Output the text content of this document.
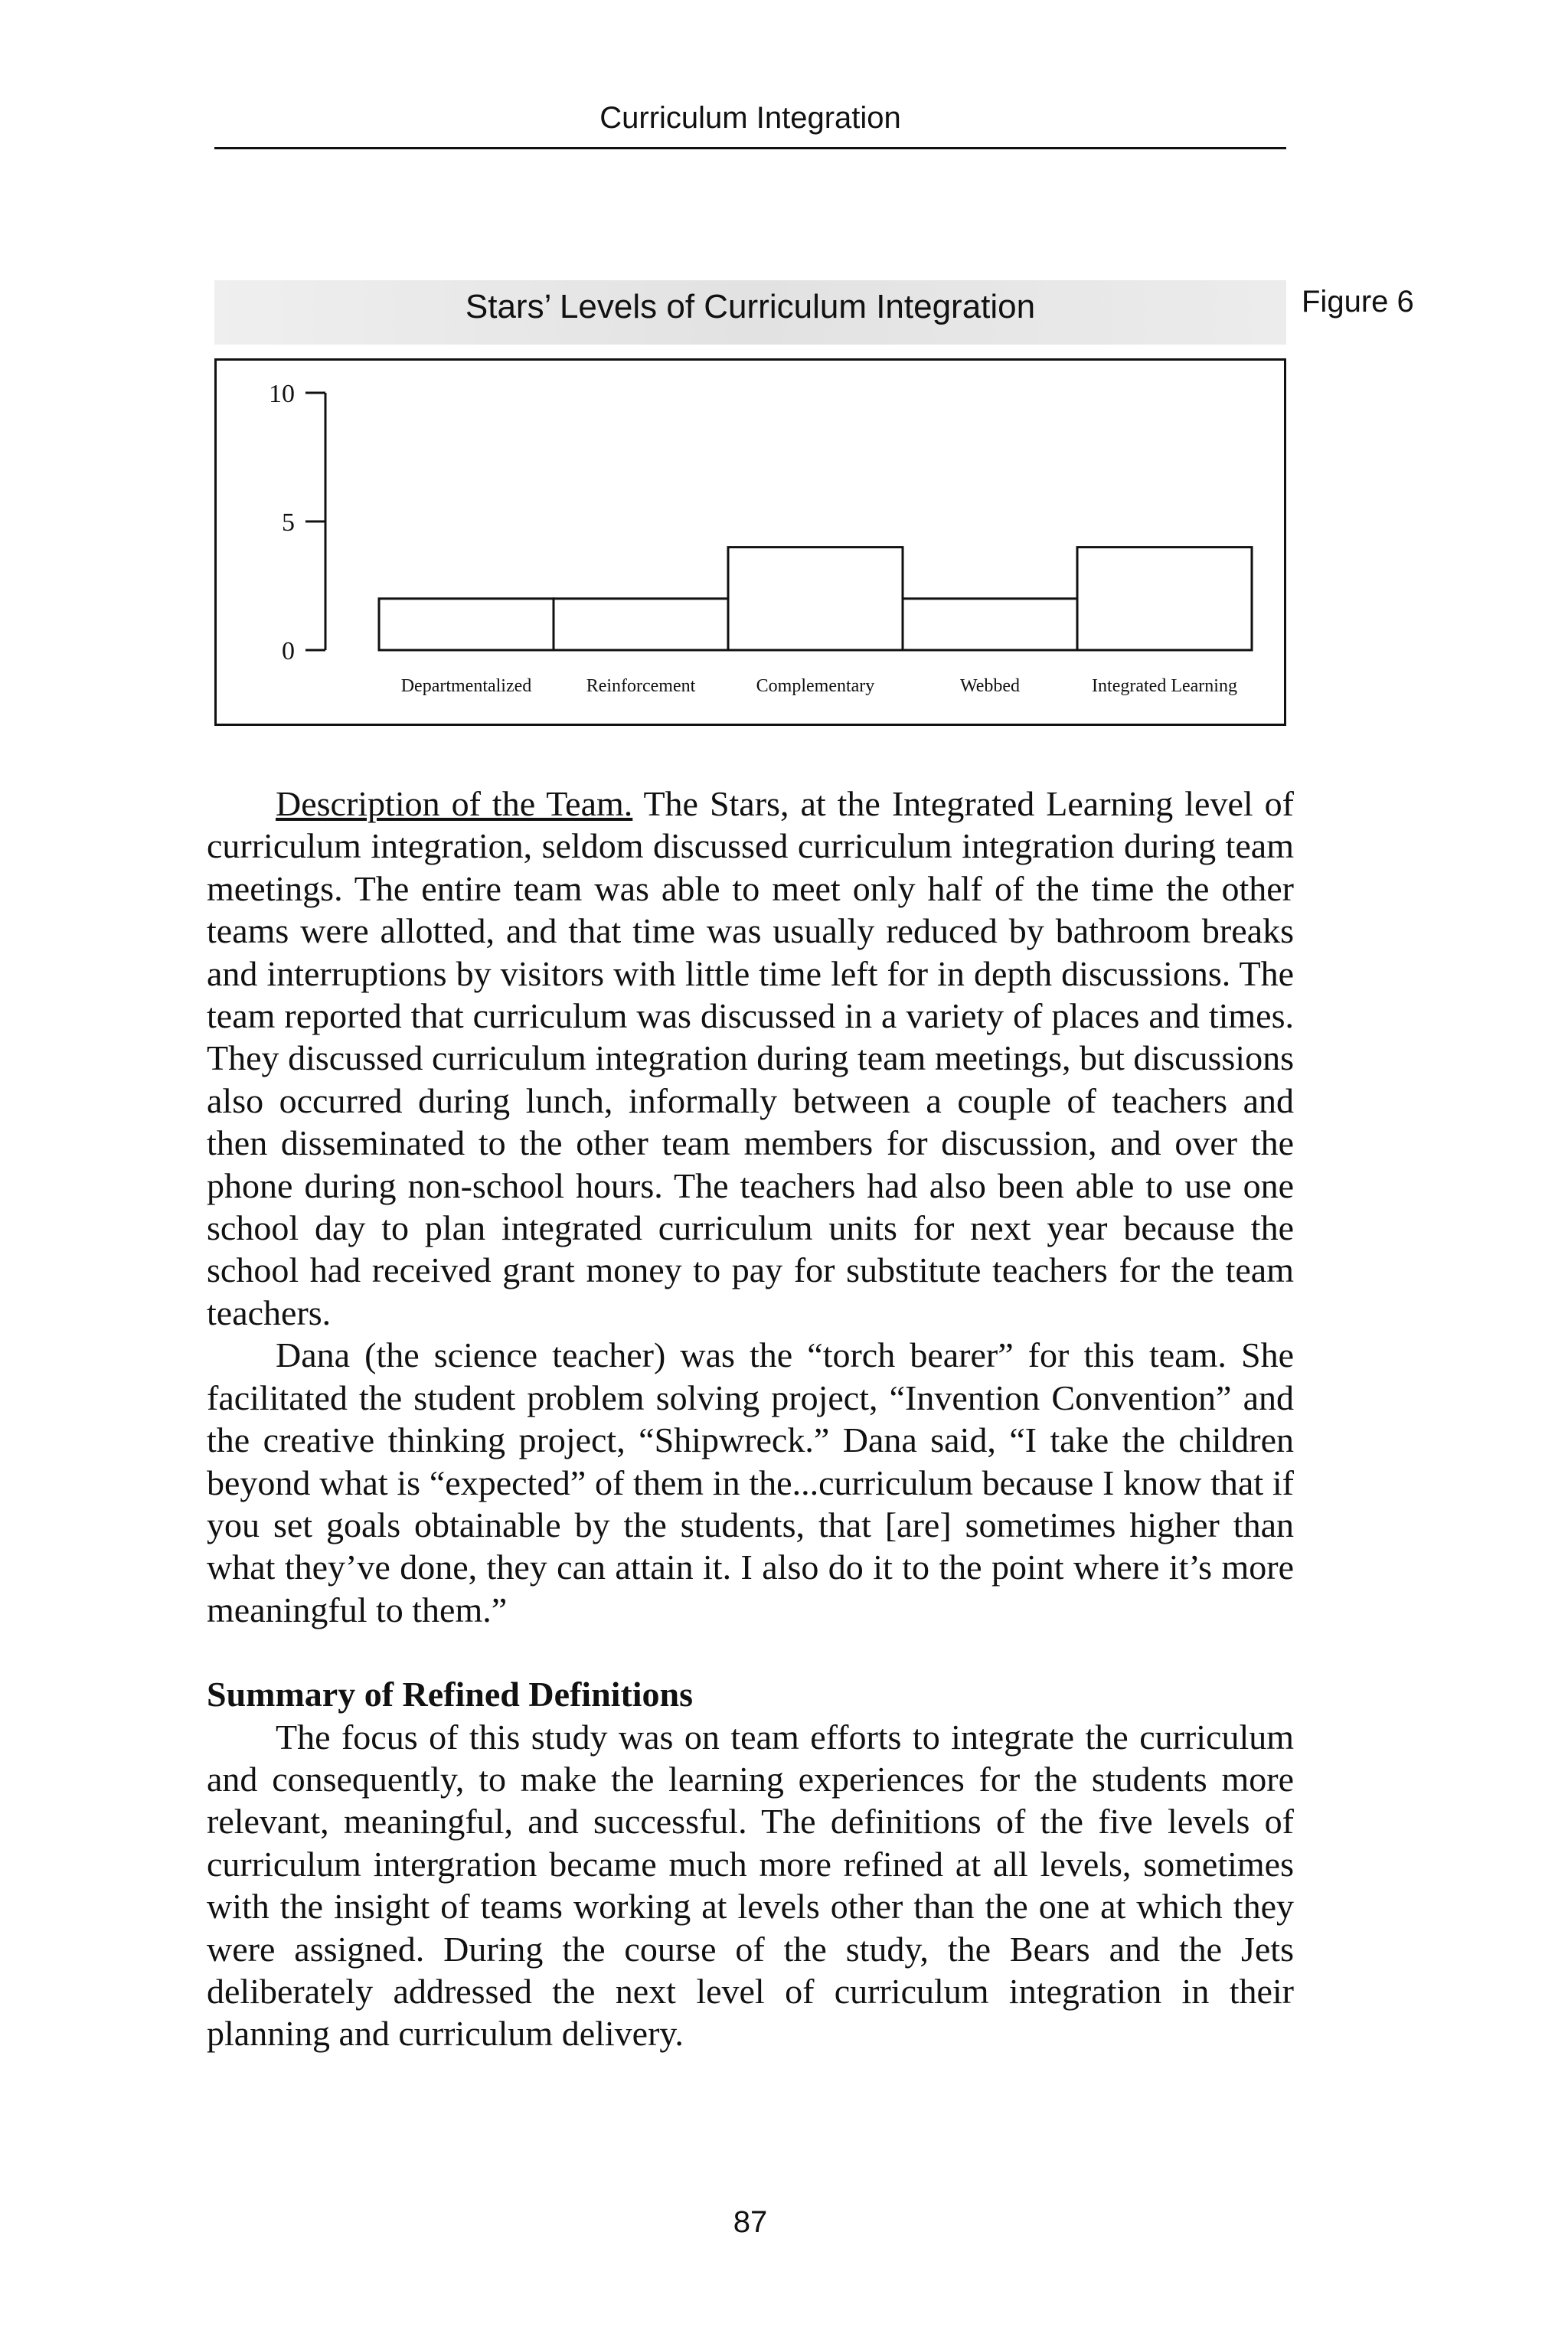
Curriculum Integration
Stars’ Levels of Curriculum Integration	Figure 6
10
5
0
Departmentalized	Reinforcement	Complementary	Webbed	Integrated Learning

Description of the Team. The Stars, at the Integrated Learning level of curriculum integration, seldom discussed curriculum integration during team meetings. The entire team was able to meet only half of the time the other teams were allotted, and that time was usually reduced by bathroom breaks and interruptions by visitors with little time left for in depth discussions. The team reported that curriculum was discussed in a variety of places and times. They discussed curriculum integration during team meetings, but discussions also occurred during lunch, informally between a couple of teachers and then disseminated to the other team members for discussion, and over the phone during non-school hours. The teachers had also been able to use one school day to plan integrated curriculum units for next year because the school had received grant money to pay for substitute teachers for the team teachers.

Dana (the science teacher) was the “torch bearer” for this team. She facilitated the student problem solving project, “Invention Convention” and the creative thinking project, “Shipwreck.” Dana said, “I take the children beyond what is “expected” of them in the...curriculum because I know that if you set goals obtainable by the students, that [are] sometimes higher than what they’ve done, they can attain it. I also do it to the point where it’s more meaningful to them.”

Summary of Refined Definitions

The focus of this study was on team efforts to integrate the curriculum and consequently, to make the learning experiences for the students more relevant, meaningful, and successful. The definitions of the five levels of curriculum intergration became much more refined at all levels, sometimes with the insight of teams working at levels other than the one at which they were assigned. During the course of the study, the Bears and the Jets deliberately addressed the next level of curriculum integration in their planning and curriculum delivery.

87
